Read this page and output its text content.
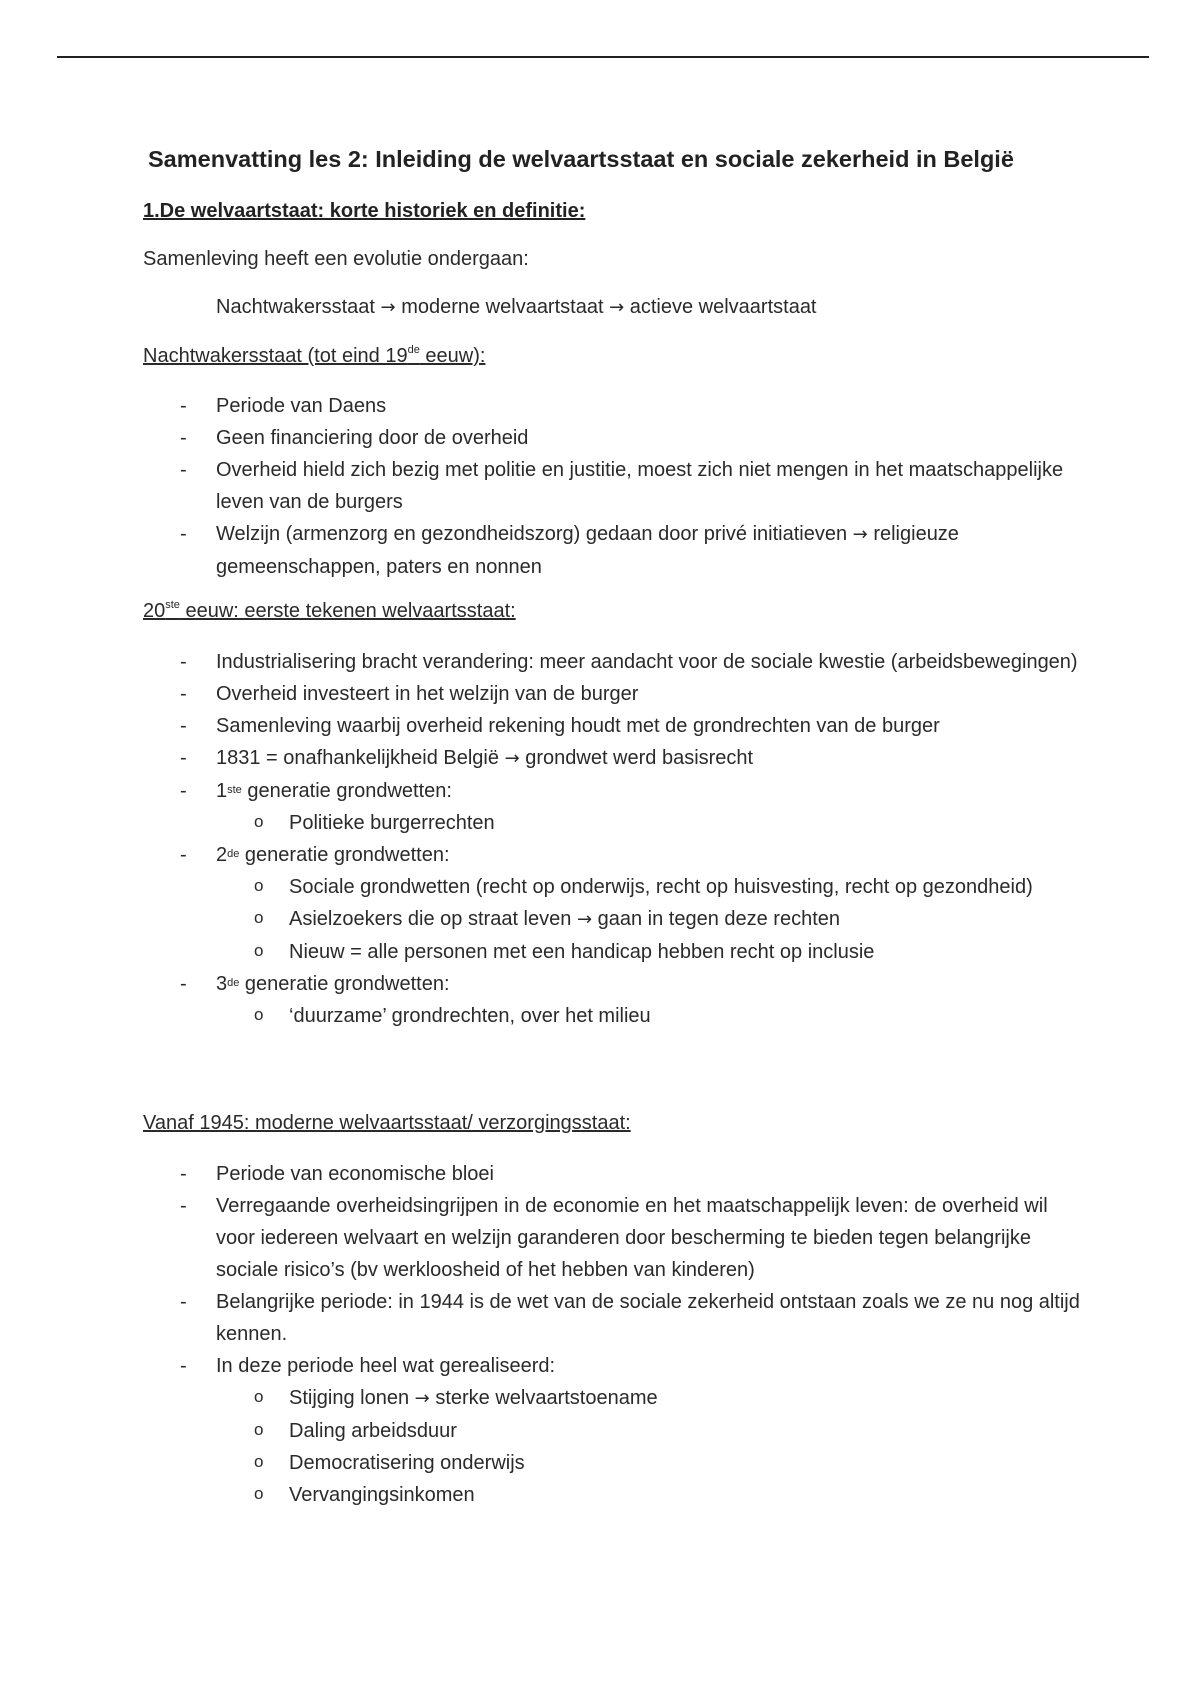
Samenvatting les 2: Inleiding de welvaartsstaat en sociale zekerheid in België
1.De welvaartstaat: korte historiek en definitie:
Samenleving heeft een evolutie ondergaan:
Nachtwakersstaat → moderne welvaartstaat → actieve welvaartstaat
Nachtwakersstaat (tot eind 19de eeuw):
- Periode van Daens
- Geen financiering door de overheid
- Overheid hield zich bezig met politie en justitie, moest zich niet mengen in het maatschappelijke leven van de burgers
- Welzijn (armenzorg en gezondheidszorg) gedaan door privé initiatieven → religieuze gemeenschappen, paters en nonnen
20ste eeuw: eerste tekenen welvaartsstaat:
- Industrialisering bracht verandering: meer aandacht voor de sociale kwestie (arbeidsbewegingen)
- Overheid investeert in het welzijn van de burger
- Samenleving waarbij overheid rekening houdt met de grondrechten van de burger
- 1831 = onafhankelijkheid België → grondwet werd basisrecht
- 1ste generatie grondwetten:
o Politieke burgerrechten
- 2de generatie grondwetten:
o Sociale grondwetten (recht op onderwijs, recht op huisvesting, recht op gezondheid)
o Asielzoekers die op straat leven → gaan in tegen deze rechten
o Nieuw = alle personen met een handicap hebben recht op inclusie
- 3de generatie grondwetten:
o ‘duurzame’ grondrechten, over het milieu
Vanaf 1945: moderne welvaartsstaat/ verzorgingsstaat:
- Periode van economische bloei
- Verregaande overheidsingrijpen in de economie en het maatschappelijk leven: de overheid wil voor iedereen welvaart en welzijn garanderen door bescherming te bieden tegen belangrijke sociale risico’s (bv werkloosheid of het hebben van kinderen)
- Belangrijke periode: in 1944 is de wet van de sociale zekerheid ontstaan zoals we ze nu nog altijd kennen.
- In deze periode heel wat gerealiseerd:
o Stijging lonen → sterke welvaartstoename
o Daling arbeidsduur
o Democratisering onderwijs
o Vervangingsinkomen
